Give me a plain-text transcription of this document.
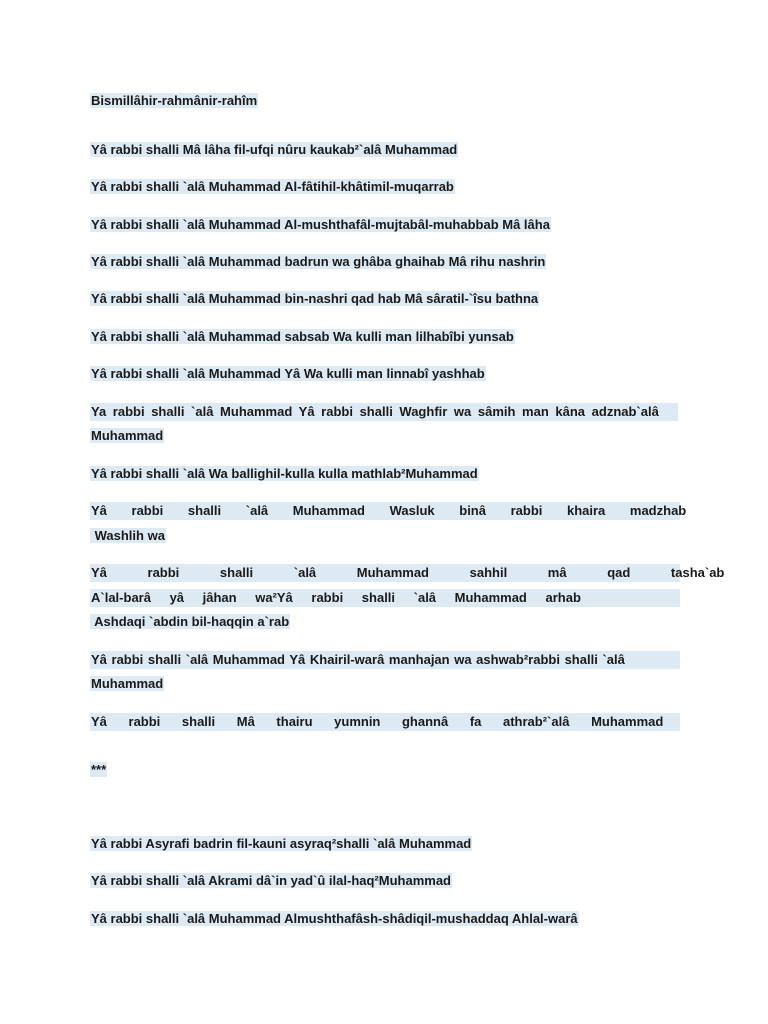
Bismillâhir-rahmânir-rahîm
Yâ rabbi shalli Mâ lâha fil-ufqi nûru kaukab²`alâ Muhammad
Yâ rabbi shalli `alâ Muhammad Al-fâtihil-khâtimil-muqarrab
Yâ rabbi shalli `alâ Muhammad Al-mushthafâl-mujtabâl-muhabbab Mâ lâha
Yâ rabbi shalli `alâ Muhammad badrun wa ghâba ghaihab Mâ rihu nashrin
Yâ rabbi shalli `alâ Muhammad bin-nashri qad hab Mâ sâratil-`îsu bathna
Yâ rabbi shalli `alâ Muhammad sabsab Wa kulli man lilhabîbi yunsab
Yâ rabbi shalli `alâ Muhammad Yâ Wa kulli man linnabî yashhab
Ya rabbi shalli `alâ Muhammad Yâ rabbi shalli Waghfir wa sâmih man kâna adznab`alâ
Muhammad
Yâ rabbi shalli `alâ Wa ballighil-kulla kulla mathlab²Muhammad
Yâ rabbi shalli `alâ Muhammad Wasluk binâ rabbi khaira madzhab
Washlih wa
Yâ rabbi shalli `alâ Muhammad sahhil mâ qad tasha`ab
A`lal-barâ yâ jâhan wa²Yâ rabbi shalli `alâ Muhammad arhab
Ashdaqi `abdin bil-haqqin a`rab
Yâ rabbi shalli `alâ Muhammad Yâ Khairil-warâ manhajan wa ashwab²rabbi shalli `alâ
Muhammad
Yâ rabbi shalli Mâ thairu yumnin ghannâ fa athrab²`alâ Muhammad
***
Yâ rabbi Asyrafi badrin fil-kauni asyraq²shalli `alâ Muhammad
Yâ rabbi shalli `alâ Akrami dâ`in yad`û ilal-haq²Muhammad
Yâ rabbi shalli `alâ Muhammad Almushthafâsh-shâdiqil-mushaddaq Ahlal-warâ
